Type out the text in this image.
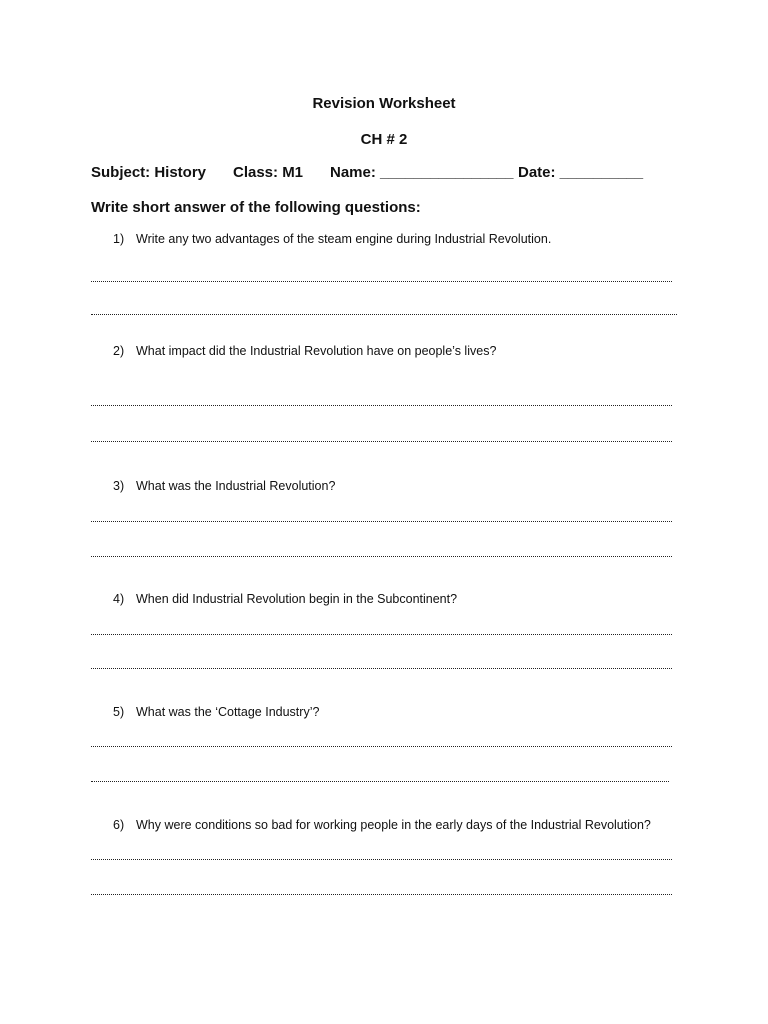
Revision Worksheet
CH # 2
Subject: History Class: M1 Name: ________________ Date: __________
Write short answer of the following questions:
1) Write any two advantages of the steam engine during Industrial Revolution.
2) What impact did the Industrial Revolution have on people’s lives?
3) What was the Industrial Revolution?
4) When did Industrial Revolution begin in the Subcontinent?
5) What was the ‘Cottage Industry’?
6) Why were conditions so bad for working people in the early days of the Industrial Revolution?
